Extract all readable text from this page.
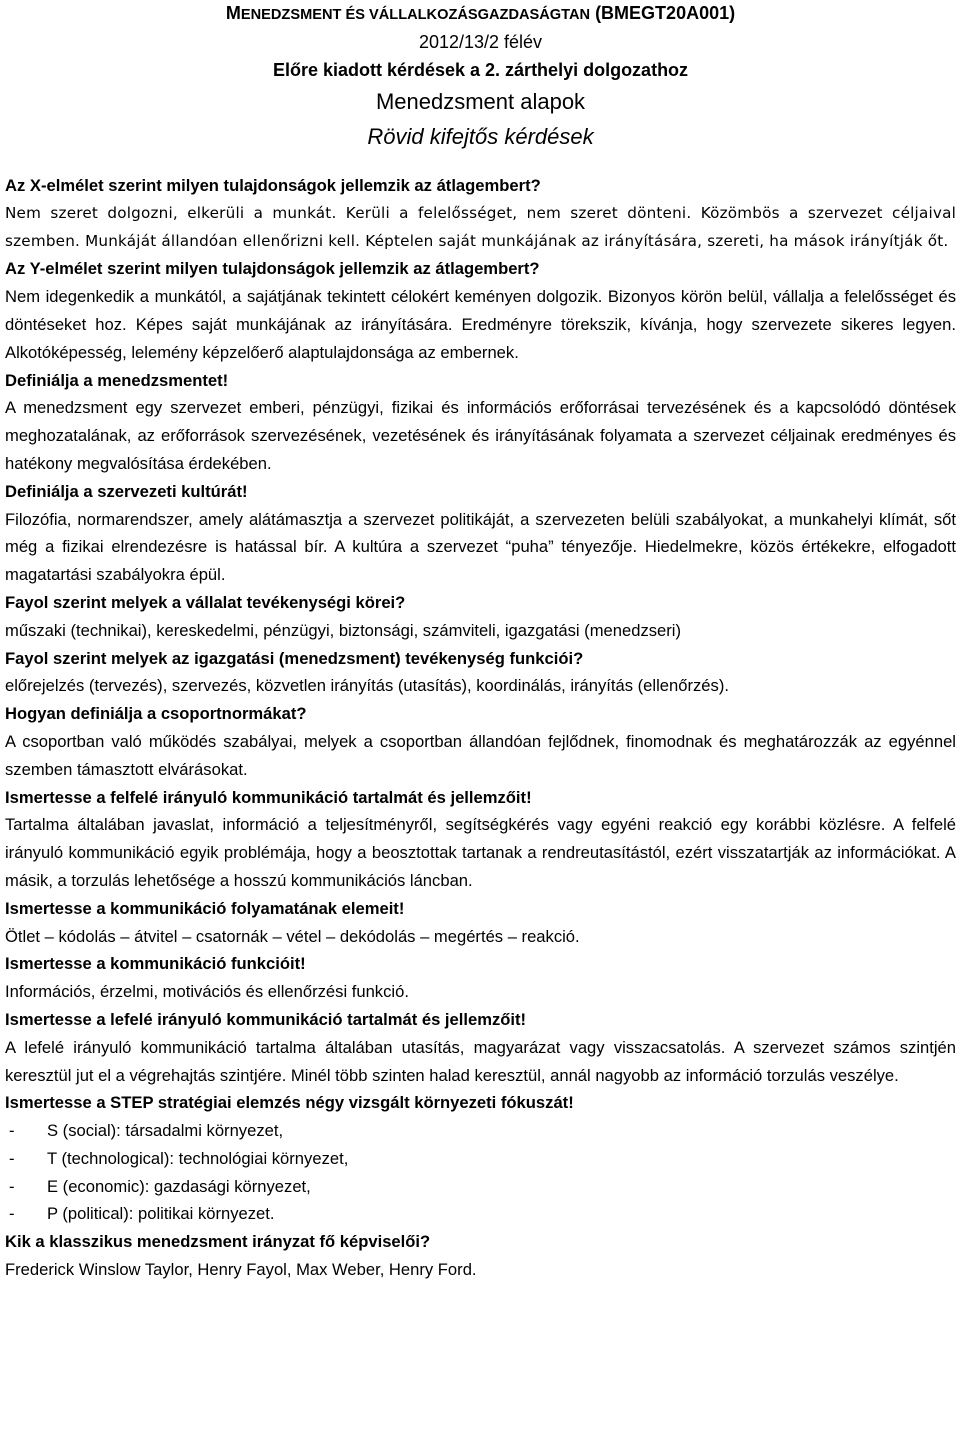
MENEDZSMENT ÉS VÁLLALKOZÁSGAZDASÁGTAN (BMEGT20A001)
2012/13/2 félév
Előre kiadott kérdések a 2. zárthelyi dolgozathoz
Menedzsment alapok
Rövid kifejtős kérdések

Az X-elmélet szerint milyen tulajdonságok jellemzik az átlagembert?

Nem szeret dolgozni, elkerüli a munkát. Kerüli a felelősséget, nem szeret dönteni. Közömbös a szervezet céljaival szemben. Munkáját állandóan ellenőrizni kell. Képtelen saját munkájának az irányítására, szereti, ha mások irányítják őt.

Az Y-elmélet szerint milyen tulajdonságok jellemzik az átlagembert?

Nem idegenkedik a munkától, a sajátjának tekintett célokért keményen dolgozik. Bizonyos körön belül, vállalja a felelősséget és döntéseket hoz. Képes saját munkájának az irányítására. Eredményre törekszik, kívánja, hogy szervezete sikeres legyen. Alkotóképesség, lelemény képzelőerő alaptulajdonsága az embernek.

Definiálja a menedzsmentet!

A menedzsment egy szervezet emberi, pénzügyi, fizikai és információs erőforrásai tervezésének és a kapcsolódó döntések meghozatalának, az erőforrások szervezésének, vezetésének és irányításának folyamata a szervezet céljainak eredményes és hatékony megvalósítása érdekében.

Definiálja a szervezeti kultúrát!

Filozófia, normarendszer, amely alátámasztja a szervezet politikáját, a szervezeten belüli szabályokat, a munkahelyi klímát, sőt még a fizikai elrendezésre is hatással bír. A kultúra a szervezet “puha” tényezője. Hiedelmekre, közös értékekre, elfogadott magatartási szabályokra épül.

Fayol szerint melyek a vállalat tevékenységi körei?

műszaki (technikai), kereskedelmi, pénzügyi, biztonsági, számviteli, igazgatási (menedzseri)

Fayol szerint melyek az igazgatási (menedzsment) tevékenység funkciói?

előrejelzés (tervezés), szervezés, közvetlen irányítás (utasítás), koordinálás, irányítás (ellenőrzés).

Hogyan definiálja a csoportnormákat?

A csoportban való működés szabályai, melyek a csoportban állandóan fejlődnek, finomodnak és meghatározzák az egyénnel szemben támasztott elvárásokat.

Ismertesse a felfelé irányuló kommunikáció tartalmát és jellemzőit!

Tartalma általában javaslat, információ a teljesítményről, segítségkérés vagy egyéni reakció egy korábbi közlésre. A felfelé irányuló kommunikáció egyik problémája, hogy a beosztottak tartanak a rendreutasítástól, ezért visszatartják az információkat. A másik, a torzulás lehetősége a hosszú kommunikációs láncban.

Ismertesse a kommunikáció folyamatának elemeit!

Ötlet – kódolás – átvitel – csatornák – vétel – dekódolás – megértés – reakció.

Ismertesse a kommunikáció funkcióit!

Információs, érzelmi, motivációs és ellenőrzési funkció.

Ismertesse a lefelé irányuló kommunikáció tartalmát és jellemzőit!

A lefelé irányuló kommunikáció tartalma általában utasítás, magyarázat vagy visszacsatolás. A szervezet számos szintjén keresztül jut el a végrehajtás szintjére. Minél több szinten halad keresztül, annál nagyobb az információ torzulás veszélye.

Ismertesse a STEP stratégiai elemzés négy vizsgált környezeti fókuszát!

- S (social): társadalmi környezet,
- T (technological): technológiai környezet,
- E (economic): gazdasági környezet,
- P (political): politikai környezet.

Kik a klasszikus menedzsment irányzat fő képviselői?

Frederick Winslow Taylor, Henry Fayol, Max Weber, Henry Ford.
